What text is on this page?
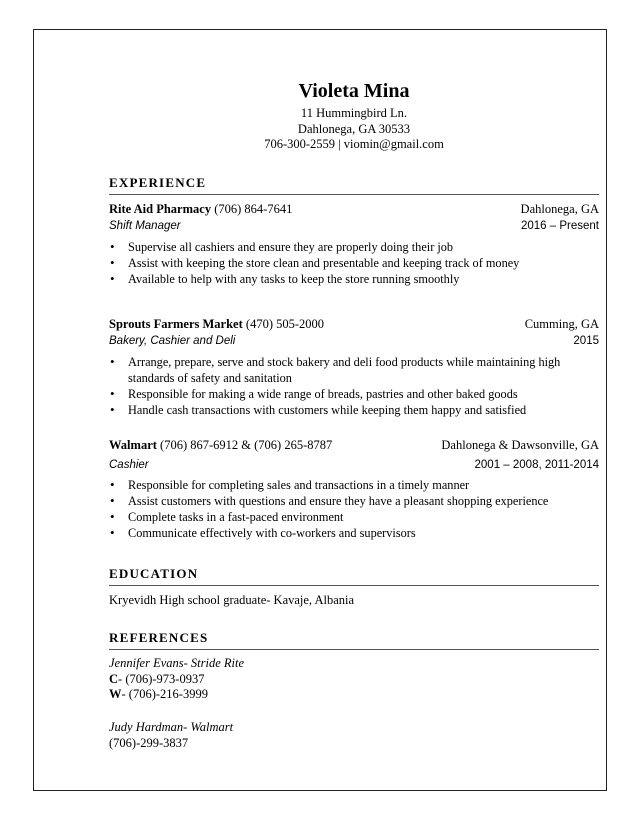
Violeta Mina
11 Hummingbird Ln.
Dahlonega, GA 30533
706-300-2559 | viomin@gmail.com
EXPERIENCE
Rite Aid Pharmacy (706) 864-7641	Dahlonega, GA
Shift Manager	2016 – Present
• Supervise all cashiers and ensure they are properly doing their job
• Assist with keeping the store clean and presentable and keeping track of money
• Available to help with any tasks to keep the store running smoothly
Sprouts Farmers Market (470) 505-2000	Cumming, GA
Bakery, Cashier and Deli	2015
• Arrange, prepare, serve and stock bakery and deli food products while maintaining high standards of safety and sanitation
• Responsible for making a wide range of breads, pastries and other baked goods
• Handle cash transactions with customers while keeping them happy and satisfied
Walmart (706) 867-6912 & (706) 265-8787	Dahlonega & Dawsonville, GA
Cashier	2001 – 2008, 2011-2014
• Responsible for completing sales and transactions in a timely manner
• Assist customers with questions and ensure they have a pleasant shopping experience
• Complete tasks in a fast-paced environment
• Communicate effectively with co-workers and supervisors
EDUCATION
Kryevidh High school graduate- Kavaje, Albania
REFERENCES
Jennifer Evans- Stride Rite
C- (706)-973-0937
W- (706)-216-3999
Judy Hardman- Walmart
(706)-299-3837
